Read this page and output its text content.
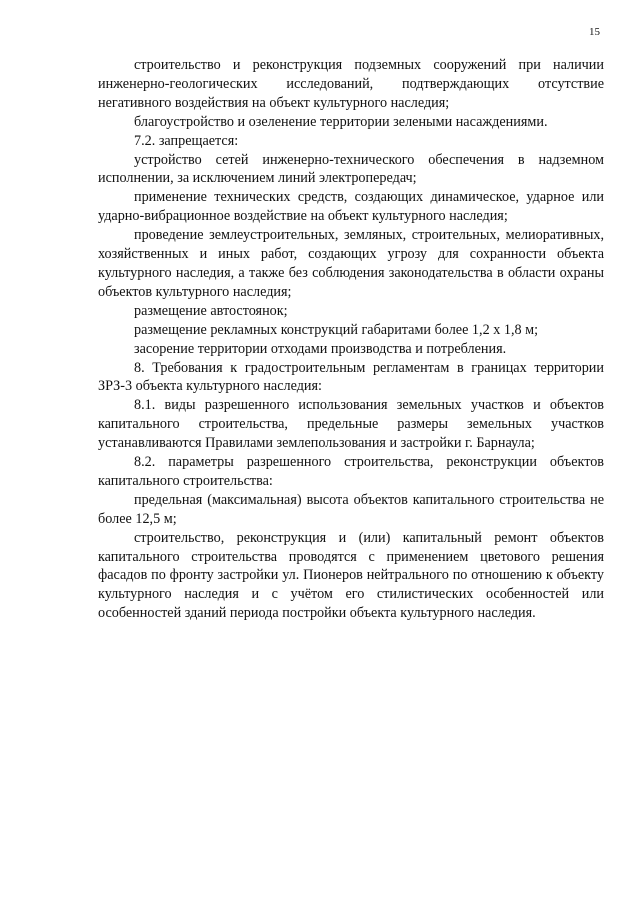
15

строительство и реконструкция подземных сооружений при наличии инженерно-геологических исследований, подтверждающих отсутствие негативного воздействия на объект культурного наследия;

благоустройство и озеленение территории зелеными насаждениями.

7.2. запрещается:

устройство сетей инженерно-технического обеспечения в надземном исполнении, за исключением линий электропередач;

применение технических средств, создающих динамическое, ударное или ударно-вибрационное воздействие на объект культурного наследия;

проведение землеустроительных, земляных, строительных, мелиоративных, хозяйственных и иных работ, создающих угрозу для сохранности объекта культурного наследия, а также без соблюдения законодательства в области охраны объектов культурного наследия;

размещение автостоянок;

размещение рекламных конструкций габаритами более 1,2 х 1,8 м;

засорение территории отходами производства и потребления.

8. Требования к градостроительным регламентам в границах территории ЗРЗ-3 объекта культурного наследия:

8.1. виды разрешенного использования земельных участков и объектов капитального строительства, предельные размеры земельных участков устанавливаются Правилами землепользования и застройки г. Барнаула;

8.2. параметры разрешенного строительства, реконструкции объектов капитального строительства:

предельная (максимальная) высота объектов капитального строительства не более 12,5 м;

строительство, реконструкция и (или) капитальный ремонт объектов капитального строительства проводятся с применением цветового решения фасадов по фронту застройки ул. Пионеров нейтрального по отношению к объекту культурного наследия и с учётом его стилистических особенностей или особенностей зданий периода постройки объекта культурного наследия.
